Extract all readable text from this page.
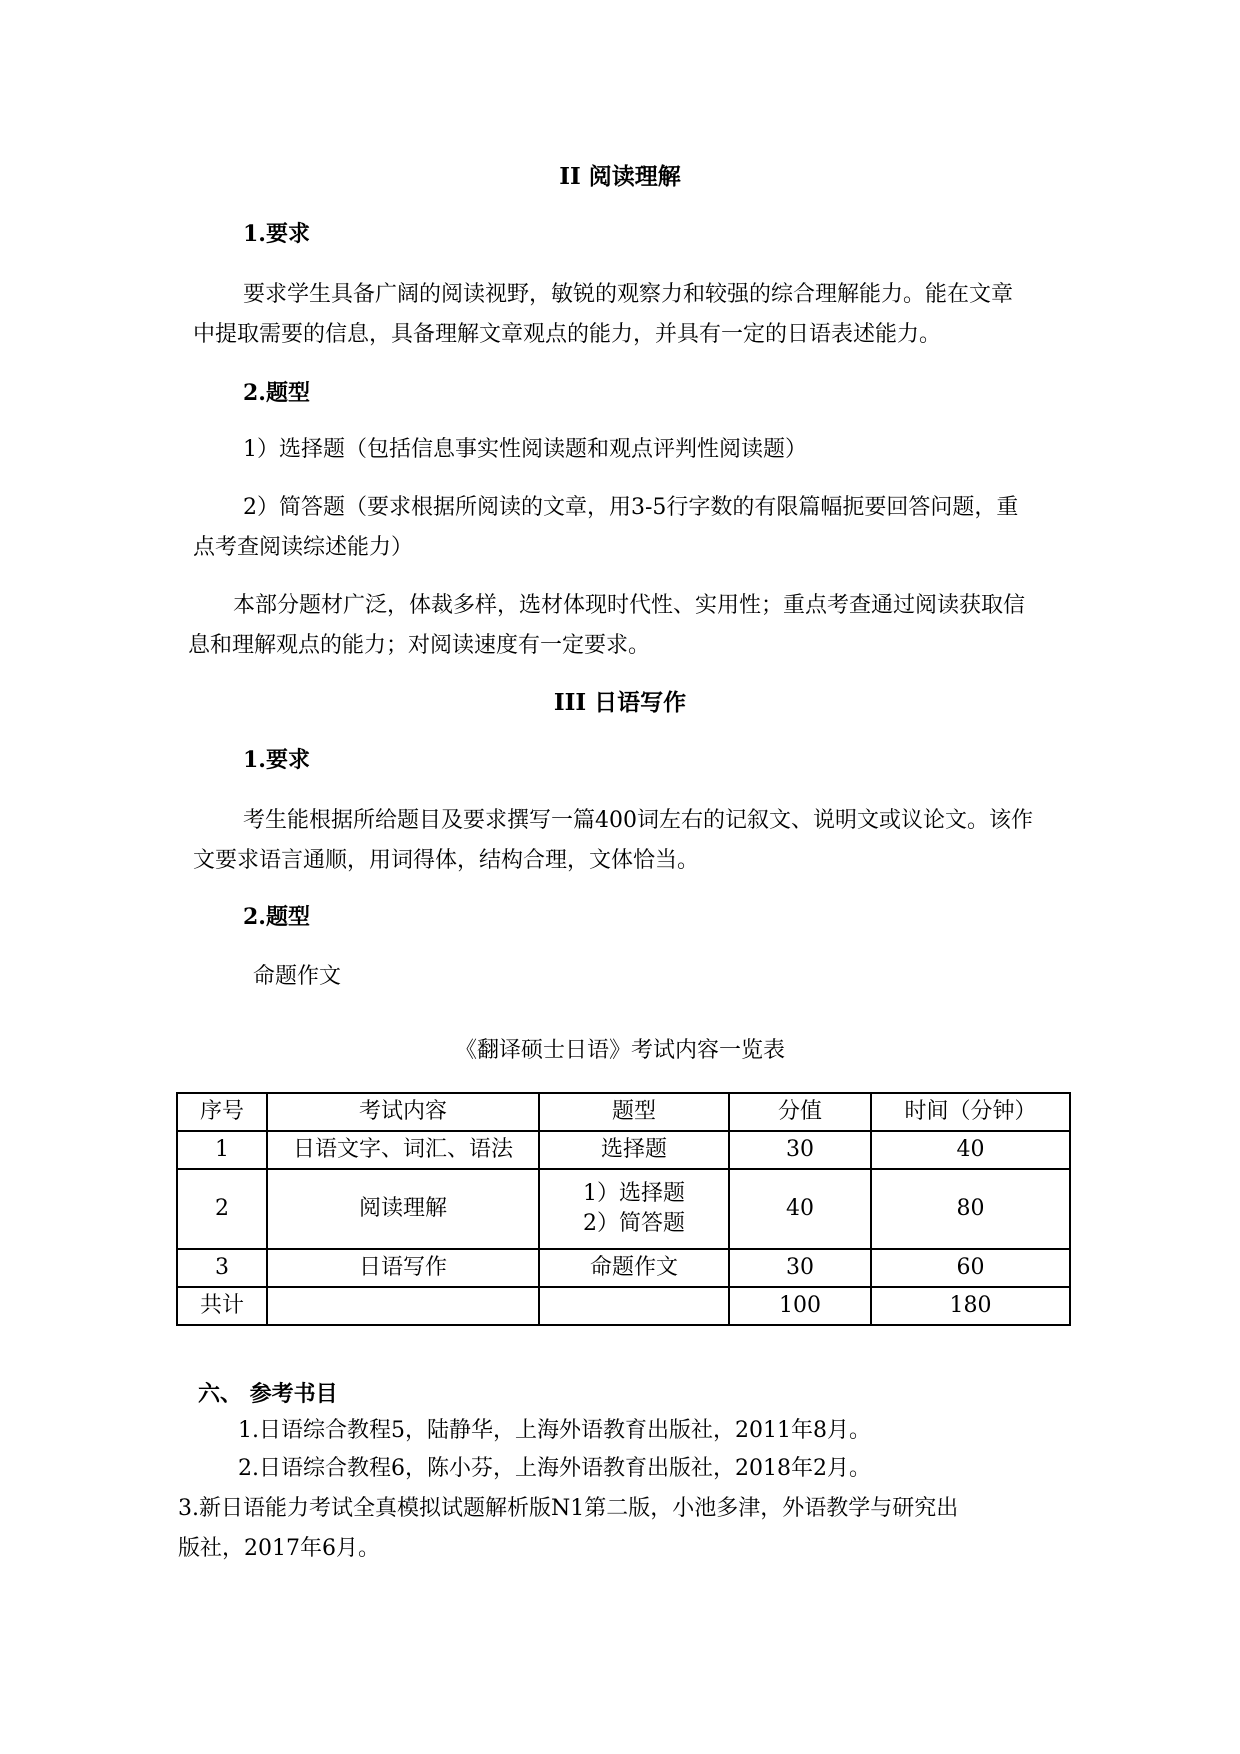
II 阅读理解
1.要求
要求学生具备广阔的阅读视野，敏锐的观察力和较强的综合理解能力。能在文章
中提取需要的信息，具备理解文章观点的能力，并具有一定的日语表述能力。
2.题型
1）选择题（包括信息事实性阅读题和观点评判性阅读题）
2）简答题（要求根据所阅读的文章，用3-5行字数的有限篇幅扼要回答问题，重
点考查阅读综述能力）
本部分题材广泛，体裁多样，选材体现时代性、实用性；重点考查通过阅读获取信
息和理解观点的能力；对阅读速度有一定要求。
III 日语写作
1.要求
考生能根据所给题目及要求撰写一篇400词左右的记叙文、说明文或议论文。该作
文要求语言通顺，用词得体，结构合理，文体恰当。
2.题型
命题作文
《翻译硕士日语》考试内容一览表
序号	考试内容	题型	分值	时间（分钟）
1	日语文字、词汇、语法	选择题	30	40
2	阅读理解	1）选择题
2）简答题	40	80
3	日语写作	命题作文	30	60
共计			100	180
六、 参考书目
1.日语综合教程5，陆静华，上海外语教育出版社，2011年8月。
2.日语综合教程6，陈小芬，上海外语教育出版社，2018年2月。
3.新日语能力考试全真模拟试题解析版N1第二版，小池多津，外语教学与研究出
版社，2017年6月。
